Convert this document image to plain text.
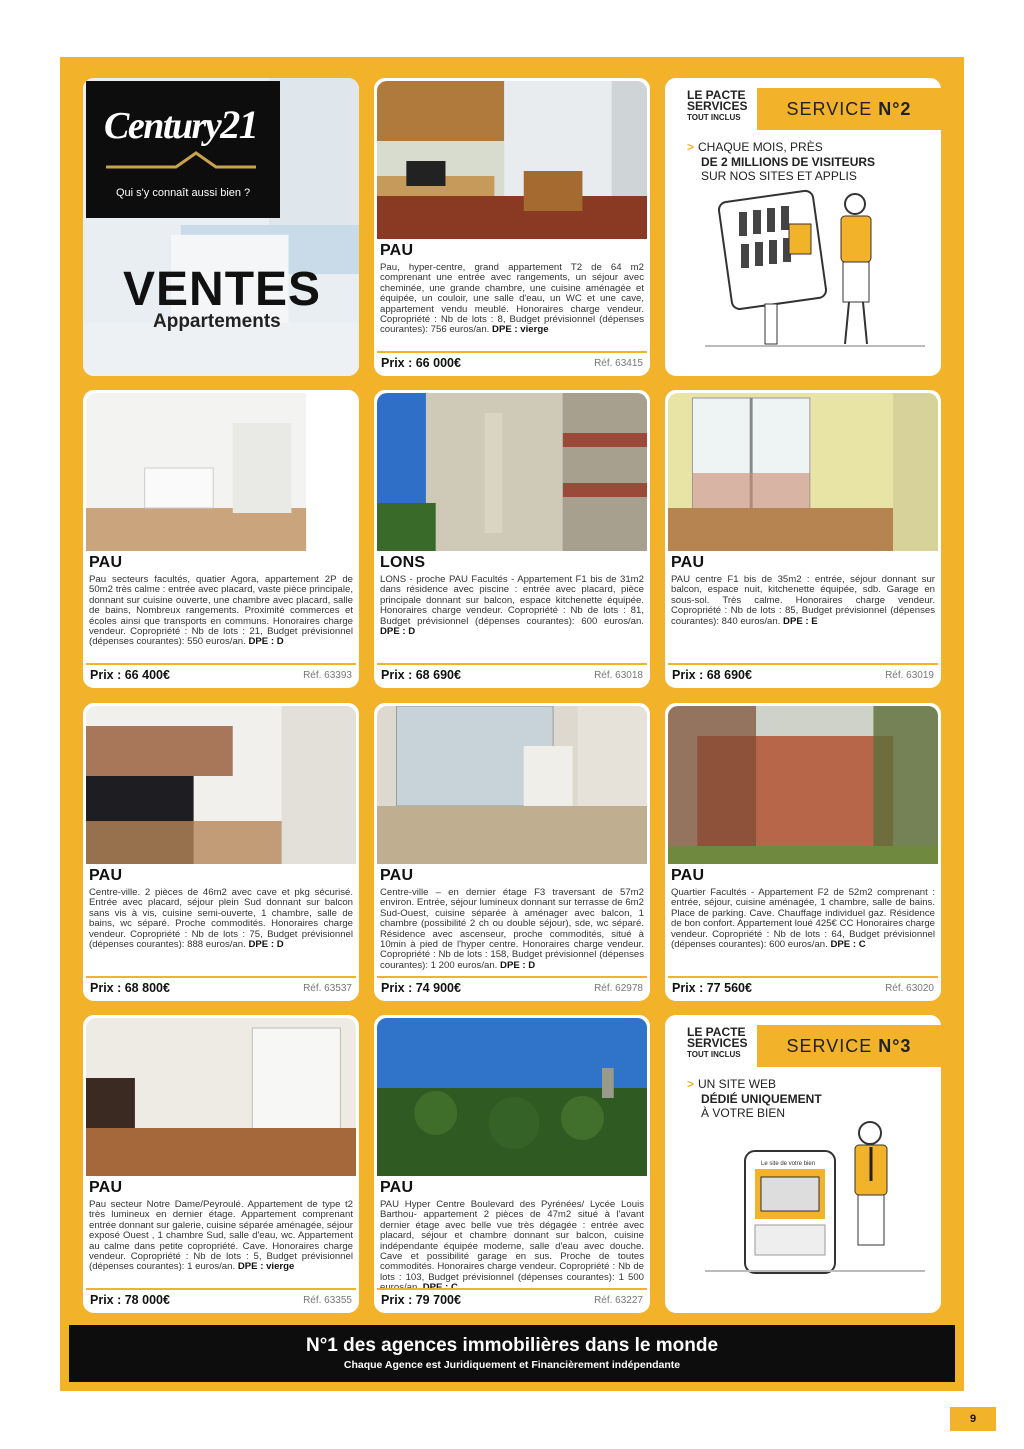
Century21
Qui s'y connaît aussi bien ?
VENTES
Appartements
PAU
Pau, hyper-centre, grand appartement T2 de 64 m2 comprenant une entrée avec rangements, un séjour avec cheminée, une grande chambre, une cuisine aménagée et équipée, un couloir, une salle d'eau, un WC et une cave, appartement vendu meublé. Honoraires charge vendeur. Copropriété : Nb de lots : 8, Budget prévisionnel (dépenses courantes): 756 euros/an. DPE : vierge
Prix : 66 000€	Réf. 63415
LE PACTE
SERVICES
TOUT INCLUS	SERVICE N°2
> CHAQUE MOIS, PRÈS
DE 2 MILLIONS DE VISITEURS
SUR NOS SITES ET APPLIS
PAU
Pau secteurs facultés, quatier Agora, appartement 2P de 50m2 très calme : entrée avec placard, vaste pièce principale, donnant sur cuisine ouverte, une chambre avec placard, salle de bains, Nombreux rangements. Proximité commerces et écoles ainsi que transports en communs. Honoraires charge vendeur. Copropriété : Nb de lots : 21, Budget prévisionnel (dépenses courantes): 550 euros/an. DPE : D
Prix : 66 400€	Réf. 63393
LONS
LONS - proche PAU Facultés - Appartement F1 bis de 31m2 dans résidence avec piscine : entrée avec placard, pièce principale donnant sur balcon, espace kitchenette équipée. Honoraires charge vendeur. Copropriété : Nb de lots : 81, Budget prévisionnel (dépenses courantes): 600 euros/an. DPE : D
Prix : 68 690€	Réf. 63018
PAU
PAU centre F1 bis de 35m2 : entrée, séjour donnant sur balcon, espace nuit, kitchenette équipée, sdb. Garage en sous-sol. Très calme. Honoraires charge vendeur. Copropriété : Nb de lots : 85, Budget prévisionnel (dépenses courantes): 840 euros/an. DPE : E
Prix : 68 690€	Réf. 63019
PAU
Centre-ville. 2 pièces de 46m2 avec cave et pkg sécurisé. Entrée avec placard, séjour plein Sud donnant sur balcon sans vis à vis, cuisine semi-ouverte, 1 chambre, salle de bains, wc séparé. Proche commodités. Honoraires charge vendeur. Copropriété : Nb de lots : 75, Budget prévisionnel (dépenses courantes): 888 euros/an. DPE : D
Prix : 68 800€	Réf. 63537
PAU
Centre-ville – en dernier étage F3 traversant de 57m2 environ. Entrée, séjour lumineux donnant sur terrasse de 6m2 Sud-Ouest, cuisine séparée à aménager avec balcon, 1 chambre (possibilité 2 ch ou double séjour), sde, wc séparé. Résidence avec ascenseur, proche commodités, situé à 10min à pied de l'hyper centre. Honoraires charge vendeur. Copropriété : Nb de lots : 158, Budget prévisionnel (dépenses courantes): 1 200 euros/an. DPE : D
Prix : 74 900€	Réf. 62978
PAU
Quartier Facultés - Appartement F2 de 52m2 comprenant : entrée, séjour, cuisine aménagée, 1 chambre, salle de bains. Place de parking. Cave. Chauffage individuel gaz. Résidence de bon confort. Appartement loué 425€ CC Honoraires charge vendeur. Copropriété : Nb de lots : 64, Budget prévisionnel (dépenses courantes): 600 euros/an. DPE : C
Prix : 77 560€	Réf. 63020
PAU
Pau secteur Notre Dame/Peyroulé. Appartement de type t2 très lumineux en dernier étage. Appartement comprenant entrée donnant sur galerie, cuisine séparée aménagée, séjour exposé Ouest , 1 chambre Sud, salle d'eau, wc. Appartement au calme dans petite copropriété. Cave. Honoraires charge vendeur. Copropriété : Nb de lots : 5, Budget prévisionnel (dépenses courantes): 1 euros/an. DPE : vierge
Prix : 78 000€	Réf. 63355
PAU
PAU Hyper Centre Boulevard des Pyrénées/ Lycée Louis Barthou- appartement 2 pièces de 47m2 situé à l'avant dernier étage avec belle vue très dégagée : entrée avec placard, séjour et chambre donnant sur balcon, cuisine indépendante équipée moderne, salle d'eau avec douche. Cave et possibilité garage en sus. Proche de toutes commodités. Honoraires charge vendeur. Copropriété : Nb de lots : 103, Budget prévisionnel (dépenses courantes): 1 500 euros/an. DPE : C
Prix : 79 700€	Réf. 63227
LE PACTE
SERVICES
TOUT INCLUS	SERVICE N°3
> UN SITE WEB
DÉDIÉ UNIQUEMENT
À VOTRE BIEN
Le site de votre bien
N°1 des agences immobilières dans le monde
Chaque Agence est Juridiquement et Financièrement indépendante
9
